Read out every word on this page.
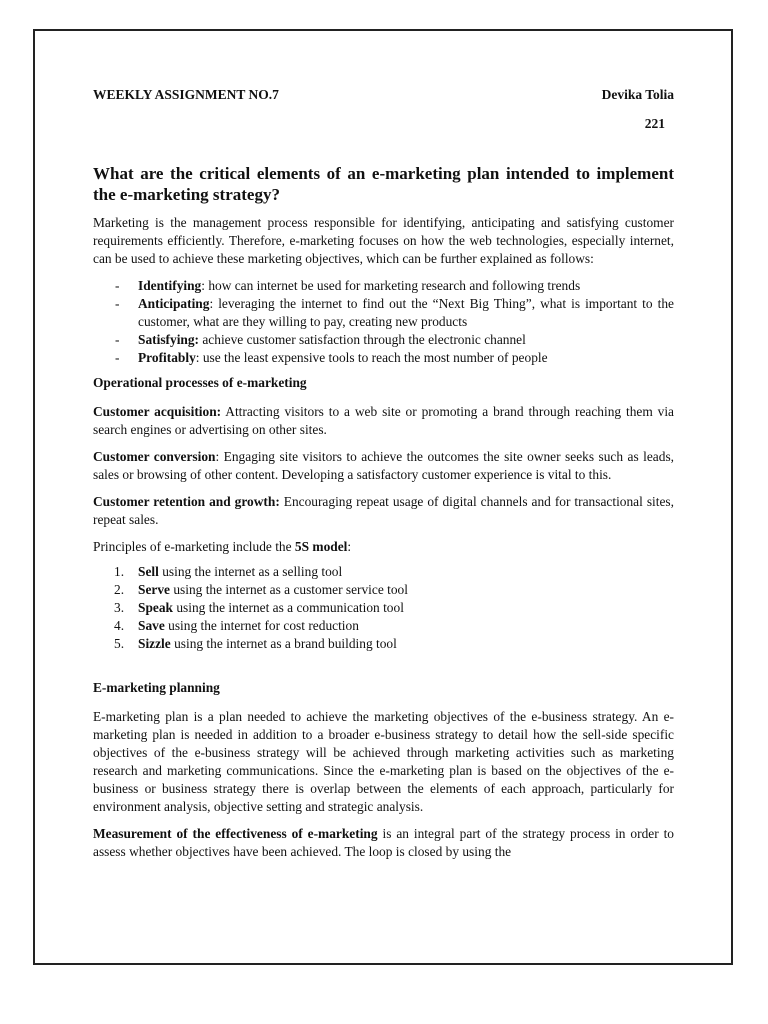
WEEKLY ASSIGNMENT NO.7	Devika Tolia
221
What are the critical elements of an e-marketing plan intended to implement the e-marketing strategy?

Marketing is the management process responsible for identifying, anticipating and satisfying customer requirements efficiently. Therefore, e-marketing focuses on how the web technologies, especially internet, can be used to achieve these marketing objectives, which can be further explained as follows:

- Identifying: how can internet be used for marketing research and following trends
- Anticipating: leveraging the internet to find out the “Next Big Thing”, what is important to the customer, what are they willing to pay, creating new products
- Satisfying: achieve customer satisfaction through the electronic channel
- Profitably: use the least expensive tools to reach the most number of people

Operational processes of e-marketing

Customer acquisition: Attracting visitors to a web site or promoting a brand through reaching them via search engines or advertising on other sites.

Customer conversion: Engaging site visitors to achieve the outcomes the site owner seeks such as leads, sales or browsing of other content. Developing a satisfactory customer experience is vital to this.

Customer retention and growth: Encouraging repeat usage of digital channels and for transactional sites, repeat sales.

Principles of e-marketing include the 5S model:

1. Sell using the internet as a selling tool
2. Serve using the internet as a customer service tool
3. Speak using the internet as a communication tool
4. Save using the internet for cost reduction
5. Sizzle using the internet as a brand building tool

E-marketing planning

E-marketing plan is a plan needed to achieve the marketing objectives of the e-business strategy. An e-marketing plan is needed in addition to a broader e-business strategy to detail how the sell-side specific objectives of the e-business strategy will be achieved through marketing activities such as marketing research and marketing communications. Since the e-marketing plan is based on the objectives of the e-business or business strategy there is overlap between the elements of each approach, particularly for environment analysis, objective setting and strategic analysis.

Measurement of the effectiveness of e-marketing is an integral part of the strategy process in order to assess whether objectives have been achieved. The loop is closed by using the
